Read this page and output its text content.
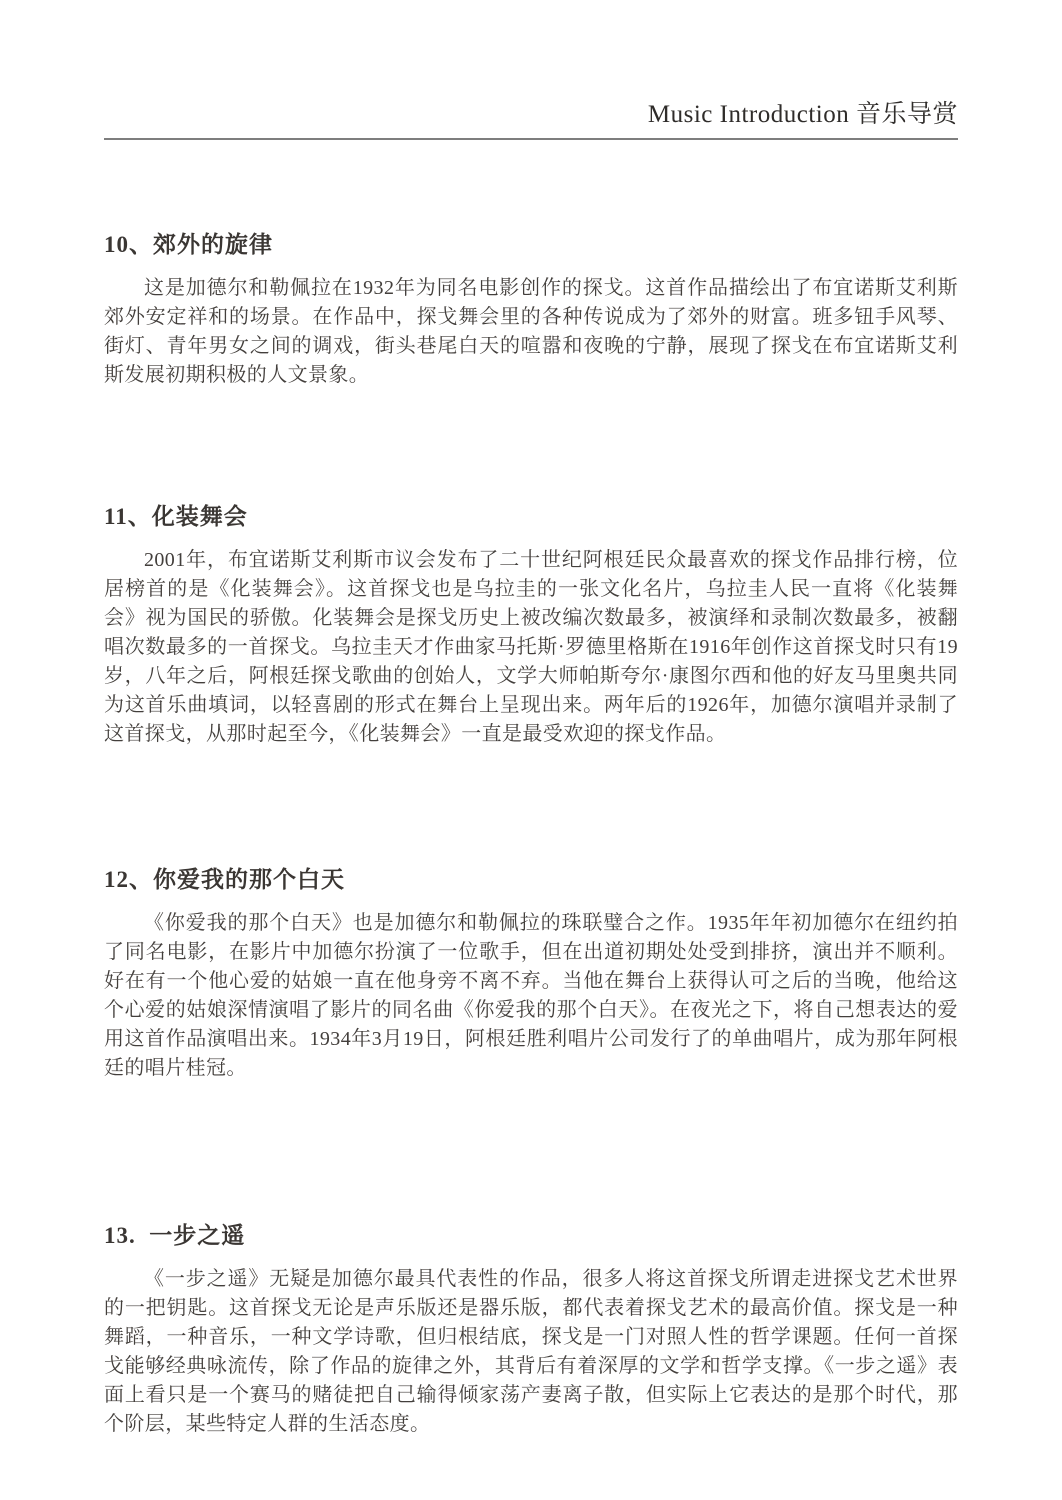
Music Introduction 音乐导赏
10、郊外的旋律

这是加德尔和勒佩拉在1932年为同名电影创作的探戈。这首作品描绘出了布宜诺斯艾利斯郊外安定祥和的场景。在作品中，探戈舞会里的各种传说成为了郊外的财富。班多钮手风琴、街灯、青年男女之间的调戏，街头巷尾白天的喧嚣和夜晚的宁静，展现了探戈在布宜诺斯艾利斯发展初期积极的人文景象。

11、化装舞会

2001年，布宜诺斯艾利斯市议会发布了二十世纪阿根廷民众最喜欢的探戈作品排行榜，位居榜首的是《化装舞会》。这首探戈也是乌拉圭的一张文化名片，乌拉圭人民一直将《化装舞会》视为国民的骄傲。化装舞会是探戈历史上被改编次数最多，被演绎和录制次数最多，被翻唱次数最多的一首探戈。乌拉圭天才作曲家马托斯·罗德里格斯在1916年创作这首探戈时只有19岁，八年之后，阿根廷探戈歌曲的创始人，文学大师帕斯夸尔·康图尔西和他的好友马里奥共同为这首乐曲填词，以轻喜剧的形式在舞台上呈现出来。两年后的1926年，加德尔演唱并录制了这首探戈，从那时起至今，《化装舞会》一直是最受欢迎的探戈作品。

12、你爱我的那个白天

《你爱我的那个白天》也是加德尔和勒佩拉的珠联璧合之作。1935年年初加德尔在纽约拍了同名电影，在影片中加德尔扮演了一位歌手，但在出道初期处处受到排挤，演出并不顺利。好在有一个他心爱的姑娘一直在他身旁不离不弃。当他在舞台上获得认可之后的当晚，他给这个心爱的姑娘深情演唱了影片的同名曲《你爱我的那个白天》。在夜光之下，将自己想表达的爱用这首作品演唱出来。1934年3月19日，阿根廷胜利唱片公司发行了的单曲唱片，成为那年阿根廷的唱片桂冠。

13.  一步之遥

《一步之遥》无疑是加德尔最具代表性的作品，很多人将这首探戈所谓走进探戈艺术世界的一把钥匙。这首探戈无论是声乐版还是器乐版，都代表着探戈艺术的最高价值。探戈是一种舞蹈，一种音乐，一种文学诗歌，但归根结底，探戈是一门对照人性的哲学课题。任何一首探戈能够经典咏流传，除了作品的旋律之外，其背后有着深厚的文学和哲学支撑。《一步之遥》表面上看只是一个赛马的赌徒把自己输得倾家荡产妻离子散，但实际上它表达的是那个时代，那个阶层，某些特定人群的生活态度。
